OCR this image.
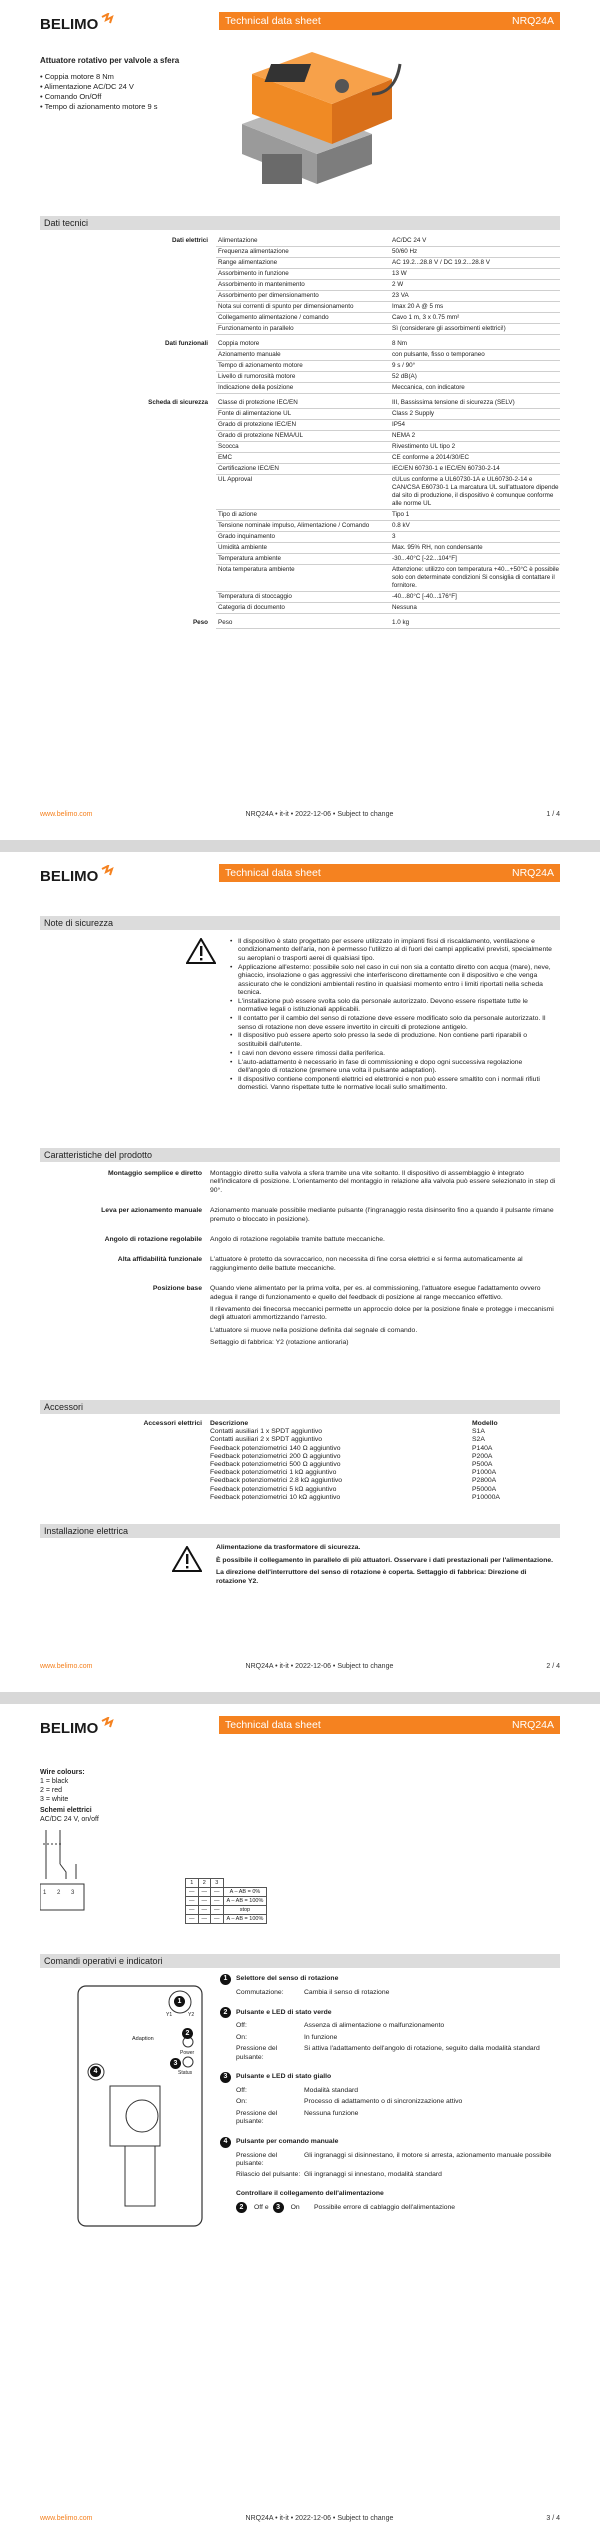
BELIMO	Technical data sheet	NRQ24A
Attuatore rotativo per valvole a sfera
• Coppia motore 8 Nm
• Alimentazione AC/DC 24 V
• Comando On/Off
• Tempo di azionamento motore 9 s
Dati tecnici
Dati elettrici	Alimentazione	AC/DC 24 V
Frequenza alimentazione	50/60 Hz
Range alimentazione	AC 19.2...28.8 V / DC 19.2...28.8 V
Assorbimento in funzione	13 W
Assorbimento in mantenimento	2 W
Assorbimento per dimensionamento	23 VA
Nota sui correnti di spunto per dimensionamento	Imax 20 A @ 5 ms
Collegamento alimentazione / comando	Cavo 1 m, 3 x 0.75 mm²
Funzionamento in parallelo	Sì (considerare gli assorbimenti elettrici!)
Dati funzionali	Coppia motore	8 Nm
Azionamento manuale	con pulsante, fisso o temporaneo
Tempo di azionamento motore	9 s / 90°
Livello di rumorosità motore	52 dB(A)
Indicazione della posizione	Meccanica, con indicatore
Scheda di sicurezza	Classe di protezione IEC/EN	III, Bassissima tensione di sicurezza (SELV)
Fonte di alimentazione UL	Class 2 Supply
Grado di protezione IEC/EN	IP54
Grado di protezione NEMA/UL	NEMA 2
Scocca	Rivestimento UL tipo 2
EMC	CE conforme a 2014/30/EC
Certificazione IEC/EN	IEC/EN 60730-1 e IEC/EN 60730-2-14
UL Approval	cULus conforme a UL60730-1A e UL60730-2-14 e CAN/CSA E60730-1 La marcatura UL sull'attuatore dipende dal sito di produzione, il dispositivo è comunque conforme alle norme UL
Tipo di azione	Tipo 1
Tensione nominale impulso, Alimentazione / Comando	0.8 kV
Grado inquinamento	3
Umidità ambiente	Max. 95% RH, non condensante
Temperatura ambiente	-30...40°C [-22...104°F]
Nota temperatura ambiente	Attenzione: utilizzo con temperatura +40...+50°C è possibile solo con determinate condizioni Si consiglia di contattare il fornitore.
Temperatura di stoccaggio	-40...80°C [-40...176°F]
Categoria di documento	Nessuna
Peso	Peso	1.0 kg
www.belimo.com	NRQ24A • it-it • 2022-12-06 • Subject to change	1 / 4
BELIMO	Technical data sheet	NRQ24A
www.belimo.com	NRQ24A • it-it • 2022-12-06 • Subject to change	2 / 4
Note di sicurezza
• Il dispositivo è stato progettato per essere utilizzato in impianti fissi di riscaldamento, ventilazione e condizionamento dell'aria, non è permesso l'utilizzo al di fuori dei campi applicativi previsti, specialmente su aeroplani o trasporti aerei di qualsiasi tipo.
• Applicazione all'esterno: possibile solo nel caso in cui non sia a contatto diretto con acqua (mare), neve, ghiaccio, insolazione o gas aggressivi che interferiscono direttamente con il dispositivo e che venga assicurato che le condizioni ambientali restino in qualsiasi momento entro i limiti riportati nella scheda tecnica.
• L'installazione può essere svolta solo da personale autorizzato. Devono essere rispettate tutte le normative legali o istituzionali applicabili.
• Il contatto per il cambio del senso di rotazione deve essere modificato solo da personale autorizzato. Il senso di rotazione non deve essere invertito in circuiti di protezione antigelo.
• Il dispositivo può essere aperto solo presso la sede di produzione. Non contiene parti riparabili o sostituibili dall'utente.
• I cavi non devono essere rimossi dalla periferica.
• L'auto-adattamento è necessario in fase di commissioning e dopo ogni successiva regolazione dell'angolo di rotazione (premere una volta il pulsante adaptation).
• Il dispositivo contiene componenti elettrici ed elettronici e non può essere smaltito con i normali rifiuti domestici. Vanno rispettate tutte le normative locali sullo smaltimento.
Caratteristiche del prodotto
Montaggio semplice e diretto	Montaggio diretto sulla valvola a sfera tramite una vite soltanto. Il dispositivo di assemblaggio è integrato nell'indicatore di posizione. L'orientamento del montaggio in relazione alla valvola può essere selezionato in step di 90°.

Leva per azionamento manuale	Azionamento manuale possibile mediante pulsante (l'ingranaggio resta disinserito fino a quando il pulsante rimane premuto o bloccato in posizione).

Angolo di rotazione regolabile	Angolo di rotazione regolabile tramite battute meccaniche.

Alta affidabilità funzionale	L'attuatore è protetto da sovraccarico, non necessita di fine corsa elettrici e si ferma automaticamente al raggiungimento delle battute meccaniche.

Posizione base	Quando viene alimentato per la prima volta, per es. al commissioning, l'attuatore esegue l'adattamento ovvero adegua il range di funzionamento e quello del feedback di posizione al range meccanico effettivo.

Il rilevamento dei finecorsa meccanici permette un approccio dolce per la posizione finale e protegge i meccanismi degli attuatori ammortizzando l'arresto.

L'attuatore si muove nella posizione definita dal segnale di comando.

Settaggio di fabbrica: Y2 (rotazione antioraria)

Accessori
Accessori elettrici	Descrizione	Modello
Contatti ausiliari 1 x SPDT aggiuntivo	S1A
Contatti ausiliari 2 x SPDT aggiuntivo	S2A
Feedback potenziometrici 140 Ω aggiuntivo	P140A
Feedback potenziometrici 200 Ω aggiuntivo	P200A
Feedback potenziometrici 500 Ω aggiuntivo	P500A
Feedback potenziometrici 1 kΩ aggiuntivo	P1000A
Feedback potenziometrici 2.8 kΩ aggiuntivo	P2800A
Feedback potenziometrici 5 kΩ aggiuntivo	P5000A
Feedback potenziometrici 10 kΩ aggiuntivo	P10000A
Installazione elettrica

Alimentazione da trasformatore di sicurezza.

È possibile il collegamento in parallelo di più attuatori. Osservare i dati prestazionali per l'alimentazione.

La direzione dell'interruttore del senso di rotazione è coperta. Settaggio di fabbrica: Direzione di rotazione Y2.

BELIMO	Technical data sheet	NRQ24A
www.belimo.com	NRQ24A • it-it • 2022-12-06 • Subject to change	3 / 4
Wire colours:
1 = black
2 = red
3 = white
Schemi elettrici
AC/DC 24 V, on/off
1 2 3
1	2	3	
—	—	—	A – AB = 0%
—	—	—	A – AB = 100%
—	—	—	stop
—	—	—	A – AB = 100%
Comandi operativi e indicatori
1
Adaption
2
Power
3
Status
4
Y2
Y1
1	Selettore del senso di rotazione
Commutazione:	Cambia il senso di rotazione
2	Pulsante e LED di stato verde
Off:	Assenza di alimentazione o malfunzionamento
On:	In funzione
Pressione del pulsante:
Si attiva l'adattamento dell'angolo di rotazione, seguito dalla modalità standard
3	Pulsante e LED di stato giallo
Off:	Modalità standard
On:	Processo di adattamento o di sincronizzazione attivo
Pressione del pulsante:
Nessuna funzione
4	Pulsante per comando manuale
Pressione del pulsante:
Gli ingranaggi si disinnestano, il motore si arresta, azionamento manuale possibile
Rilascio del pulsante: Gli ingranaggi si innestano, modalità standard
Controllare il collegamento dell'alimentazione
2	Off e	3	On	Possibile errore di cablaggio dell'alimentazione
